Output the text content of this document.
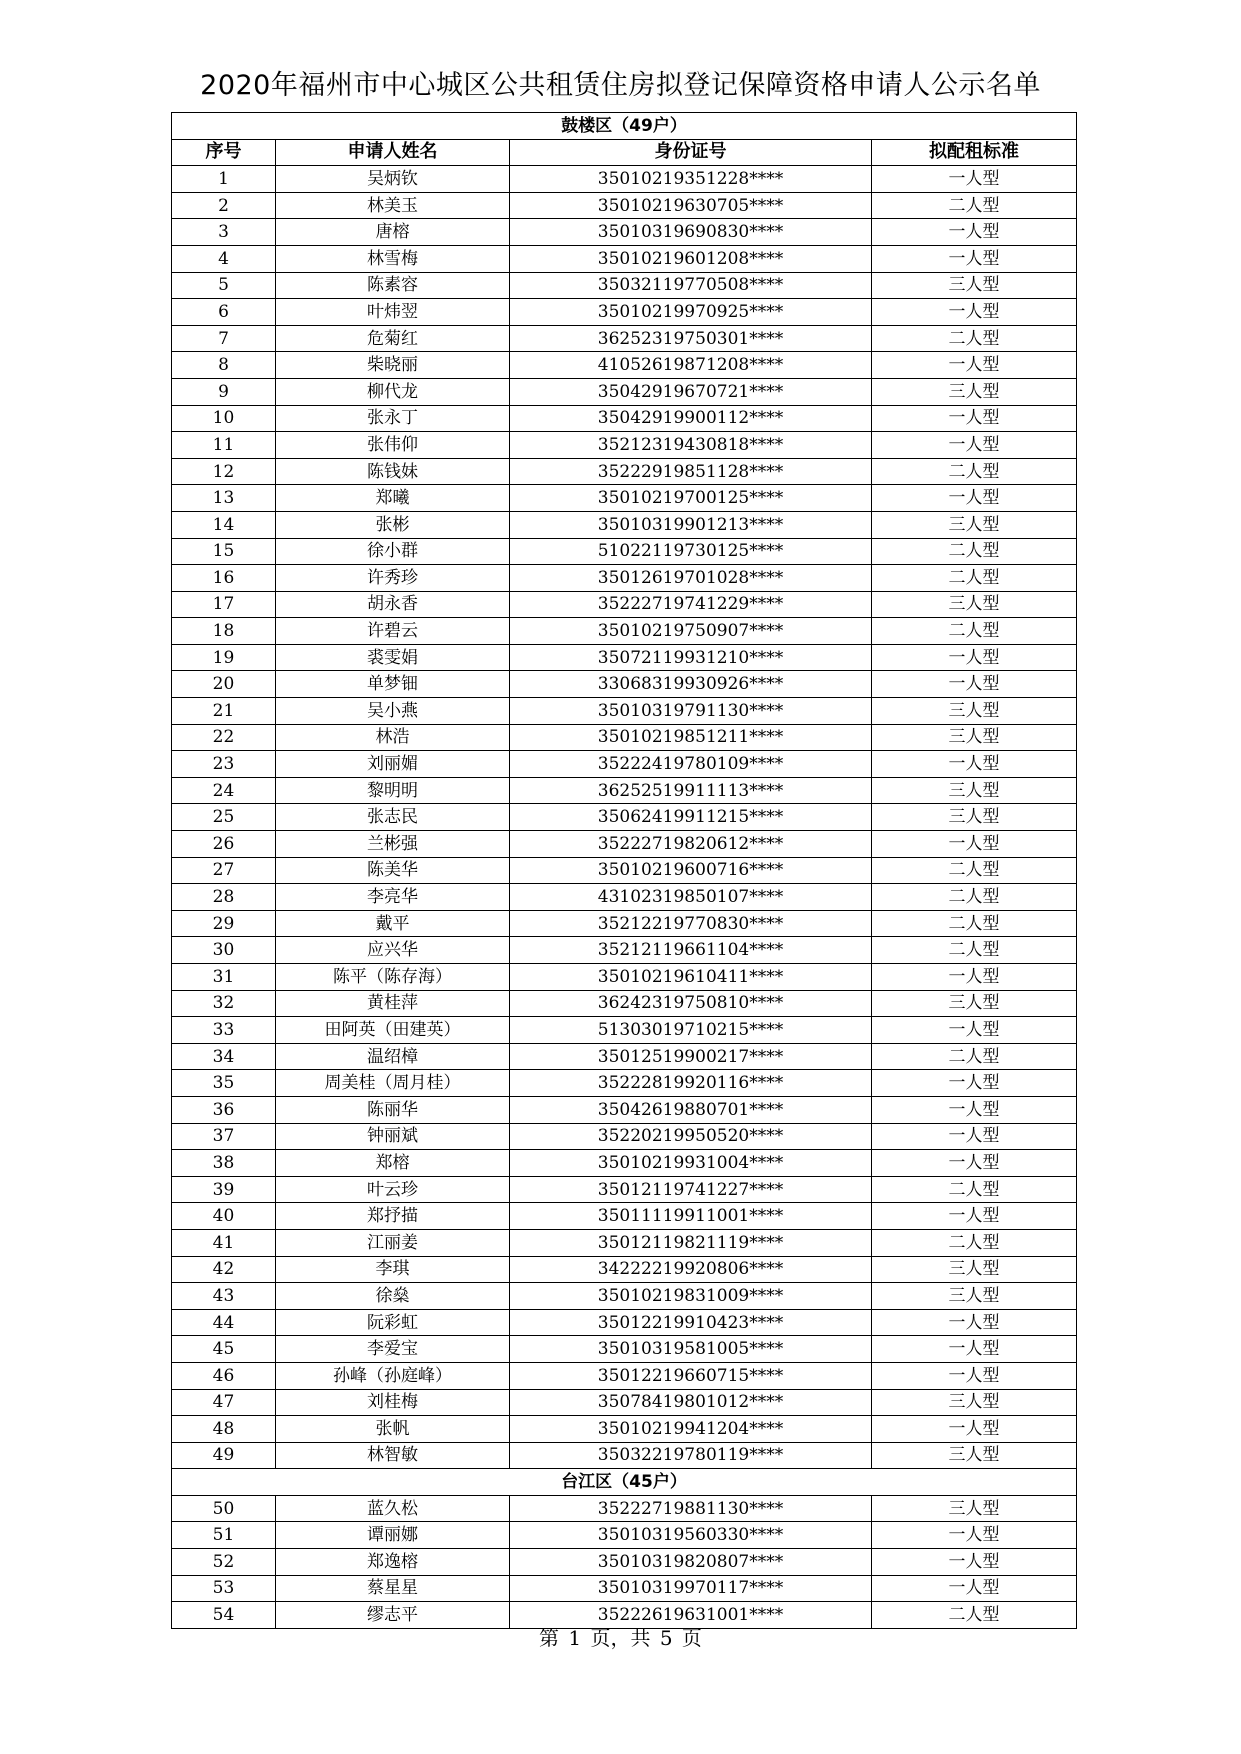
2020年福州市中心城区公共租赁住房拟登记保障资格申请人公示名单
鼓楼区（49户）			
序号	申请人姓名	身份证号	拟配租标准
1	吴炳钦	35010219351228****	一人型
2	林美玉	35010219630705****	二人型
3	唐榕	35010319690830****	一人型
4	林雪梅	35010219601208****	一人型
5	陈素容	35032119770508****	三人型
6	叶炜翌	35010219970925****	一人型
7	危菊红	36252319750301****	二人型
8	柴晓丽	41052619871208****	一人型
9	柳代龙	35042919670721****	三人型
10	张永丁	35042919900112****	一人型
11	张伟仰	35212319430818****	一人型
12	陈钱妹	35222919851128****	二人型
13	郑曦	35010219700125****	一人型
14	张彬	35010319901213****	三人型
15	徐小群	51022119730125****	二人型
16	许秀珍	35012619701028****	二人型
17	胡永香	35222719741229****	三人型
18	许碧云	35010219750907****	二人型
19	裘雯娟	35072119931210****	一人型
20	单梦钿	33068319930926****	一人型
21	吴小燕	35010319791130****	三人型
22	林浩	35010219851211****	三人型
23	刘丽媚	35222419780109****	一人型
24	黎明明	36252519911113****	三人型
25	张志民	35062419911215****	三人型
26	兰彬强	35222719820612****	一人型
27	陈美华	35010219600716****	二人型
28	李亮华	43102319850107****	二人型
29	戴平	35212219770830****	二人型
30	应兴华	35212119661104****	二人型
31	陈平（陈存海）	35010219610411****	一人型
32	黄桂萍	36242319750810****	三人型
33	田阿英（田建英）	51303019710215****	一人型
34	温绍樟	35012519900217****	二人型
35	周美桂（周月桂）	35222819920116****	一人型
36	陈丽华	35042619880701****	一人型
37	钟丽斌	35220219950520****	一人型
38	郑榕	35010219931004****	一人型
39	叶云珍	35012119741227****	二人型
40	郑抒描	35011119911001****	一人型
41	江丽姜	35012119821119****	二人型
42	李琪	34222219920806****	三人型
43	徐燊	35010219831009****	三人型
44	阮彩虹	35012219910423****	一人型
45	李爱宝	35010319581005****	一人型
46	孙峰（孙庭峰）	35012219660715****	一人型
47	刘桂梅	35078419801012****	三人型
48	张帆	35010219941204****	一人型
49	林智敏	35032219780119****	三人型
台江区（45户）			
50	蓝久松	35222719881130****	三人型
51	谭丽娜	35010319560330****	一人型
52	郑逸榕	35010319820807****	一人型
53	蔡星星	35010319970117****	一人型
54	缪志平	35222619631001****	二人型
第 1 页，共 5 页
